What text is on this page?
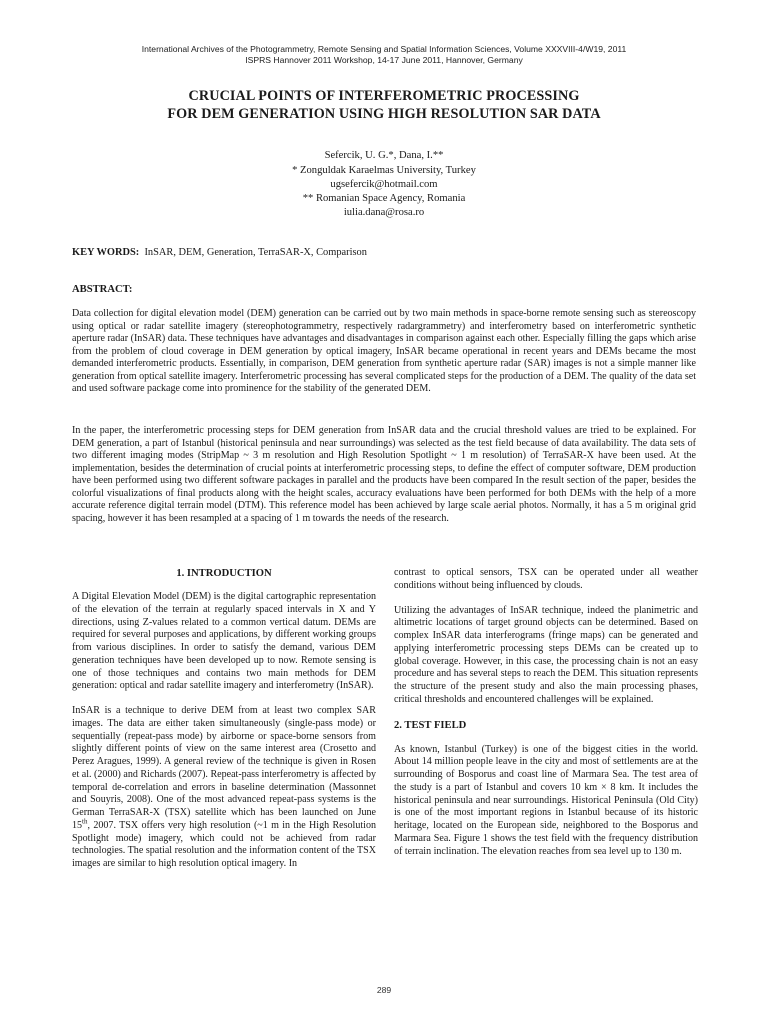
International Archives of the Photogrammetry, Remote Sensing and Spatial Information Sciences, Volume XXXVIII-4/W19, 2011
ISPRS Hannover 2011 Workshop, 14-17 June 2011, Hannover, Germany
CRUCIAL POINTS OF INTERFEROMETRIC PROCESSING
FOR DEM GENERATION USING HIGH RESOLUTION SAR DATA
Sefercik, U. G.*, Dana, I.**
* Zonguldak Karaelmas University, Turkey
ugsefercik@hotmail.com
** Romanian Space Agency, Romania
iulia.dana@rosa.ro
KEY WORDS: InSAR, DEM, Generation, TerraSAR-X, Comparison
ABSTRACT:

Data collection for digital elevation model (DEM) generation can be carried out by two main methods in space-borne remote sensing such as stereoscopy using optical or radar satellite imagery (stereophotogrammetry, respectively radargrammetry) and interferometry based on interferometric synthetic aperture radar (InSAR) data. These techniques have advantages and disadvantages in comparison against each other. Especially filling the gaps which arise from the problem of cloud coverage in DEM generation by optical imagery, InSAR became operational in recent years and DEMs became the most demanded interferometric products. Essentially, in comparison, DEM generation from synthetic aperture radar (SAR) images is not a simple manner like generation from optical satellite imagery. Interferometric processing has several complicated steps for the production of a DEM. The quality of the data set and used software package come into prominence for the stability of the generated DEM.

In the paper, the interferometric processing steps for DEM generation from InSAR data and the crucial threshold values are tried to be explained. For DEM generation, a part of Istanbul (historical peninsula and near surroundings) was selected as the test field because of data availability. The data sets of two different imaging modes (StripMap ~ 3 m resolution and High Resolution Spotlight ~ 1 m resolution) of TerraSAR-X have been used. At the implementation, besides the determination of crucial points at interferometric processing steps, to define the effect of computer software, DEM production have been performed using two different software packages in parallel and the products have been compared In the result section of the paper, besides the colorful visualizations of final products along with the height scales, accuracy evaluations have been performed for both DEMs with the help of a more accurate reference digital terrain model (DTM). This reference model has been achieved by large scale aerial photos. Normally, it has a 5 m original grid spacing, however it has been resampled at a spacing of 1 m towards the needs of the research.

1. INTRODUCTION

A Digital Elevation Model (DEM) is the digital cartographic representation of the elevation of the terrain at regularly spaced intervals in X and Y directions, using Z-values related to a common vertical datum. DEMs are required for several purposes and applications, by different working groups from various disciplines. In order to satisfy the demand, various DEM generation techniques have been developed up to now. Remote sensing is one of those techniques and contains two main methods for DEM generation: optical and radar satellite imagery and interferometry (InSAR).

InSAR is a technique to derive DEM from at least two complex SAR images. The data are either taken simultaneously (single-pass mode) or sequentially (repeat-pass mode) by airborne or space-borne sensors from slightly different points of view on the same interest area (Crosetto and Perez Aragues, 1999). A general review of the technique is given in Rosen et al. (2000) and Richards (2007). Repeat-pass interferometry is affected by temporal de-correlation and errors in baseline determination (Massonnet and Souyris, 2008). One of the most advanced repeat-pass systems is the German TerraSAR-X (TSX) satellite which has been launched on June 15th, 2007. TSX offers very high resolution (~1 m in the High Resolution Spotlight mode) imagery, which could not be achieved from radar technologies. The spatial resolution and the information content of the TSX images are similar to high resolution optical imagery. In

contrast to optical sensors, TSX can be operated under all weather conditions without being influenced by clouds.

Utilizing the advantages of InSAR technique, indeed the planimetric and altimetric locations of target ground objects can be determined. Based on complex InSAR data interferograms (fringe maps) can be generated and applying interferometric processing steps DEMs can be created up to global coverage. However, in this case, the processing chain is not an easy procedure and has several steps to reach the DEM. This situation represents the structure of the present study and also the main processing phases, critical thresholds and encountered challenges will be explained.

2. TEST FIELD

As known, Istanbul (Turkey) is one of the biggest cities in the world. About 14 million people leave in the city and most of settlements are at the surrounding of Bosporus and coast line of Marmara Sea. The test area of the study is a part of Istanbul and covers 10 km × 8 km. It includes the historical peninsula and near surroundings. Historical Peninsula (Old City) is one of the most important regions in Istanbul because of its historic heritage, located on the European side, neighbored to the Bosporus and Marmara Sea. Figure 1 shows the test field with the frequency distribution of terrain inclination. The elevation reaches from sea level up to 130 m.

289
